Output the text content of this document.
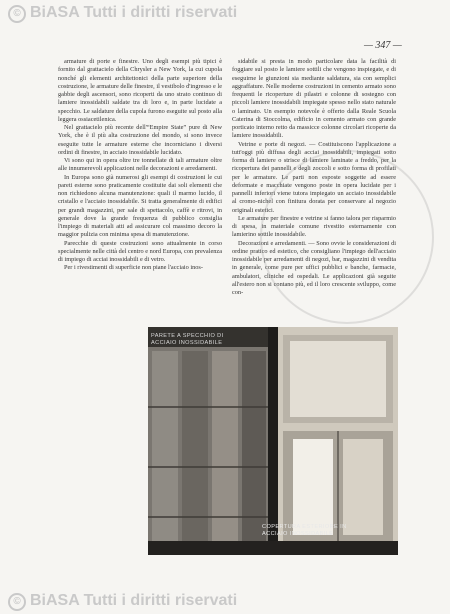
© BiASA Tutti i diritti riservati
— 347 —

armature di porte e finestre. Uno degli esempi più tipici è fornito dal grattacielo della Chrysler a New York, la cui cupola nonché gli elementi architettonici della parte superiore della costruzione, le armature delle finestre, il vestibolo d'ingresso e le gabbie degli ascensori, sono ricoperti da uno strato continuo di lamiere inossidabili saldate tra di loro e, in parte lucidate a specchio. Le saldature della cupola furono eseguite sul posto alla leggera ossiacetilenica.

Nel grattacielo più recente dell'“Empire State” pure di New York, che è il più alta costruzione del mondo, si sono invece eseguite tutte le armature esterne che incorniciano i diversi ordini di finestre, in acciaio inossidabile lucidato.

Vi sono qui in opera oltre tre tonnellate di tali armature oltre alle innumerevoli applicazioni nelle decorazioni e arredamenti.

In Europa sono già numerosi gli esempi di costruzioni le cui pareti esterne sono praticamente costituite dai soli elementi che non richiedono alcuna manutenzione: quali il marmo lucido, il cristallo e l'acciaio inossidabile. Si tratta generalmente di edifici per grandi magazzini, per sale di spettacolo, caffè e ritrovi, in generale dove la grande frequenza di pubblico consiglia l'impiego di materiali atti ad assicurare col massimo decoro la maggior pulizia con minima spesa di manutenzione.

Parecchie di queste costruzioni sono attualmente in corso specialmente nelle città del centro e nord Europa, con prevalenza di impiego di acciai inossidabili e di vetro.

Per i rivestimenti di superficie non piane l'acciaio inos-

sidabile si presta in modo particolare data la facilità di foggiare sul posto le lamiere sottili che vengono inspiegate, e di eseguirne le giunzioni sia mediante saldatura, sia con semplici aggraffature. Nelle moderne costruzioni in cemento armato sono frequenti le ricoperture di pilastri e colonne di sostegno con piccoli lamiere inossidabili impiegate spesso nello stato naturale o laminato. Un esempio notevole è offerto dalla Reale Scuola Caterina di Stoccolma, edificio in cemento armato con grande porticato interno retto da massicce colonne circolari ricoperte da lamiere inossidabili.

Vetrine e porte di negozi. — Costituiscono l'applicazione a tutt'oggi più diffusa degli acciai inossidabili, impiegati sotto forma di lamiere o strisce di lamiere laminate a freddo, per la ricopertura dei pannelli e degli zoccoli e sotto forma di profilati per le armature. Le parti non esposte soggette ad essere deformate e macchiate vengono poste in opera lucidate per i pannelli inferiori viene tutora impiegato un acciaio inossidabile al cromo-nichel con finitura dorata per conservare al negozio originali estetici.

Le armature per finestre e vetrine si fanno talora per risparmio di spesa, in materiale comune rivestito esternamente con lamierino sottile inossidabile.

Decorazioni e arredamenti. — Sono ovvie le considerazioni di ordine pratico ed estetico, che consigliano l'impiego dell'acciaio inossidabile per arredamenti di negozi, bar, magazzini di vendita in generale, come pure per uffici pubblici e banche, farmacie, ambulatori, cliniche ed ospedali. Le applicazioni già seguite all'estero non si contano più, ed il loro crescente sviluppo, come con-

PARETE A SPECCHIO DI ACCIAIO INOSSIDABILE
COPERTURA ESTERIORE IN ACCIAIO INOSSIDABILE
© BiASA Tutti i diritti riservati
